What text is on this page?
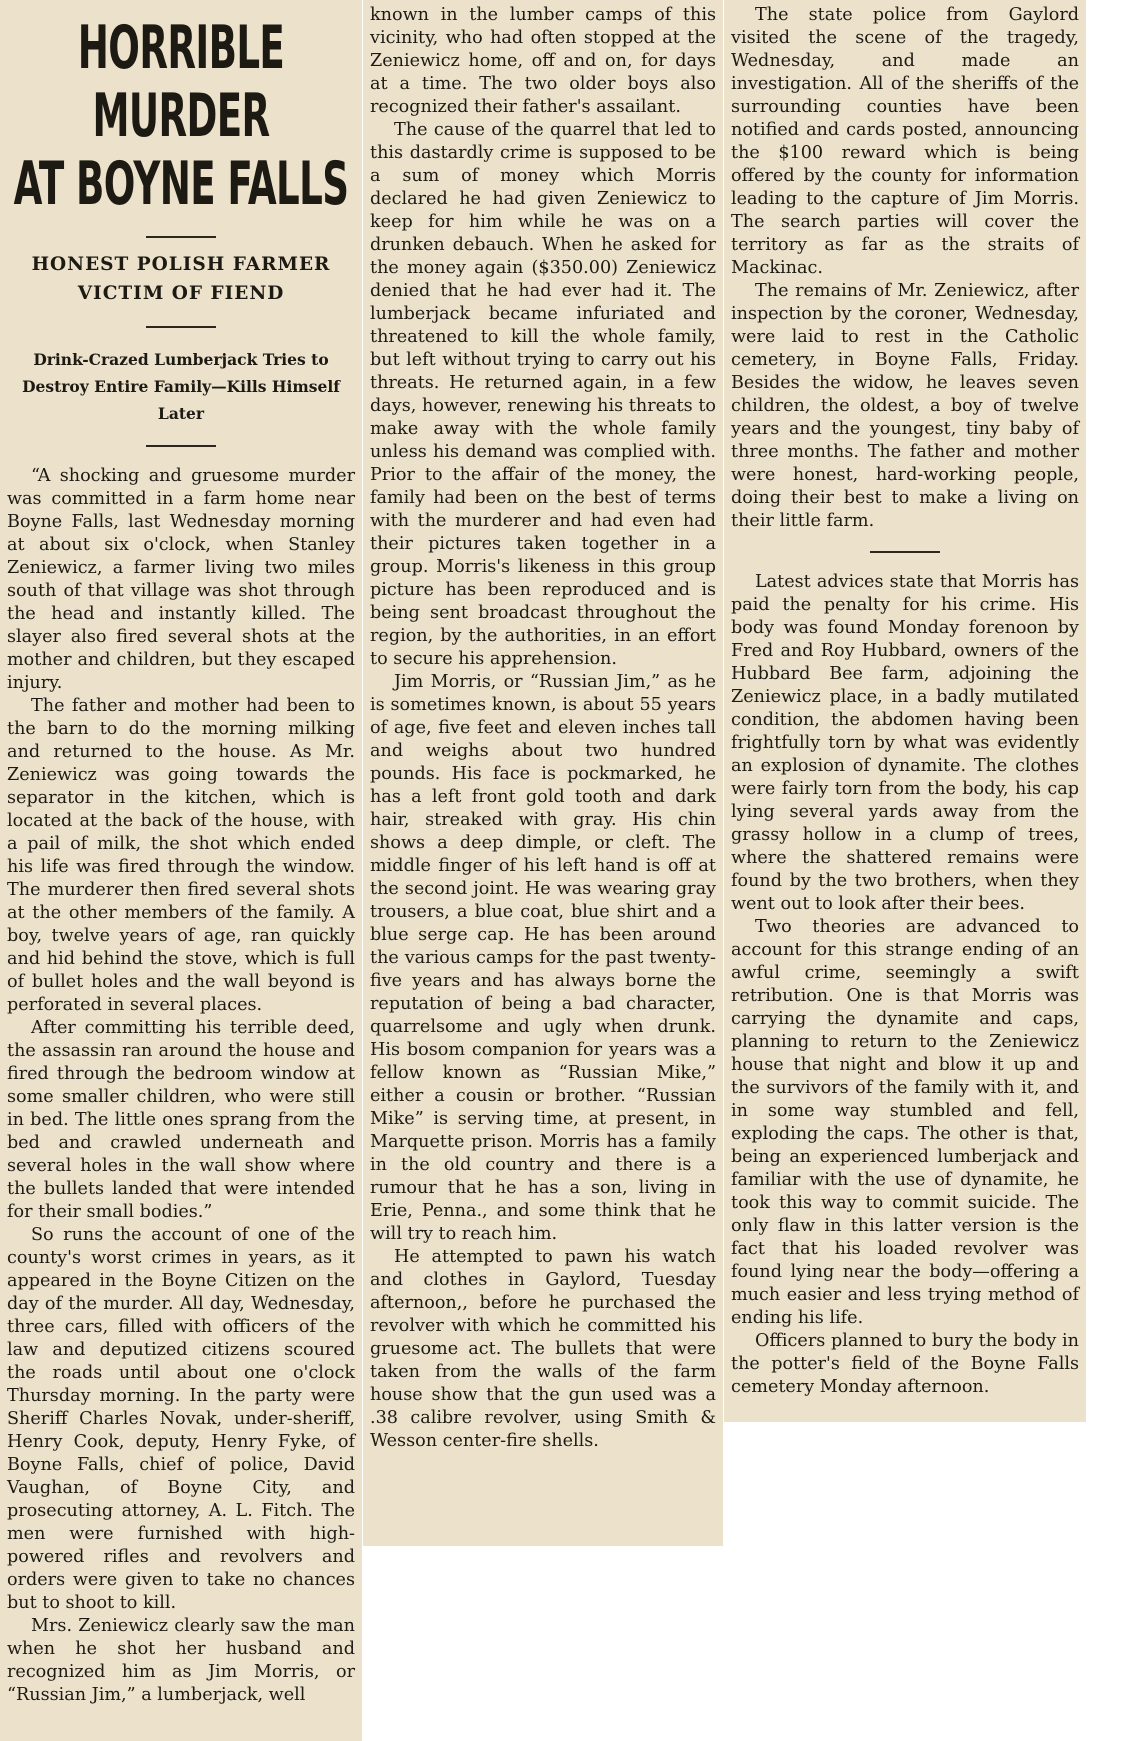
HORRIBLE MURDER
AT BOYNE FALLS
HONEST POLISH FARMER VICTIM OF FIEND
Drink-Crazed Lumberjack Tries to Destroy Entire Family—Kills Himself Later

“A shocking and gruesome murder was committed in a farm home near Boyne Falls, last Wednesday morning at about six o'clock, when Stanley Zeniewicz, a farmer living two miles south of that village was shot through the head and instantly killed. The slayer also fired several shots at the mother and children, but they escaped injury.

The father and mother had been to the barn to do the morning milking and returned to the house. As Mr. Zeniewicz was going towards the separator in the kitchen, which is located at the back of the house, with a pail of milk, the shot which ended his life was fired through the window. The murderer then fired several shots at the other members of the family. A boy, twelve years of age, ran quickly and hid behind the stove, which is full of bullet holes and the wall beyond is perforated in several places.

After committing his terrible deed, the assassin ran around the house and fired through the bedroom window at some smaller children, who were still in bed. The little ones sprang from the bed and crawled underneath and several holes in the wall show where the bullets landed that were intended for their small bodies.”

So runs the account of one of the county's worst crimes in years, as it appeared in the Boyne Citizen on the day of the murder. All day, Wednesday, three cars, filled with officers of the law and deputized citizens scoured the roads until about one o'clock Thursday morning. In the party were Sheriff Charles Novak, under-sheriff, Henry Cook, deputy, Henry Fyke, of Boyne Falls, chief of police, David Vaughan, of Boyne City, and prosecuting attorney, A. L. Fitch. The men were furnished with high-powered rifles and revolvers and orders were given to take no chances but to shoot to kill.

Mrs. Zeniewicz clearly saw the man when he shot her husband and recognized him as Jim Morris, or “Russian Jim,” a lumberjack, well

known in the lumber camps of this vicinity, who had often stopped at the Zeniewicz home, off and on, for days at a time. The two older boys also recognized their father's assailant.

The cause of the quarrel that led to this dastardly crime is supposed to be a sum of money which Morris declared he had given Zeniewicz to keep for him while he was on a drunken debauch. When he asked for the money again ($350.00) Zeniewicz denied that he had ever had it. The lumberjack became infuriated and threatened to kill the whole family, but left without trying to carry out his threats. He returned again, in a few days, however, renewing his threats to make away with the whole family unless his demand was complied with. Prior to the affair of the money, the family had been on the best of terms with the murderer and had even had their pictures taken together in a group. Morris's likeness in this group picture has been reproduced and is being sent broadcast throughout the region, by the authorities, in an effort to secure his apprehension.

Jim Morris, or “Russian Jim,” as he is sometimes known, is about 55 years of age, five feet and eleven inches tall and weighs about two hundred pounds. His face is pockmarked, he has a left front gold tooth and dark hair, streaked with gray. His chin shows a deep dimple, or cleft. The middle finger of his left hand is off at the second joint. He was wearing gray trousers, a blue coat, blue shirt and a blue serge cap. He has been around the various camps for the past twenty-five years and has always borne the reputation of being a bad character, quarrelsome and ugly when drunk. His bosom companion for years was a fellow known as “Russian Mike,” either a cousin or brother. “Russian Mike” is serving time, at present, in Marquette prison. Morris has a family in the old country and there is a rumour that he has a son, living in Erie, Penna., and some think that he will try to reach him.

He attempted to pawn his watch and clothes in Gaylord, Tuesday afternoon,, before he purchased the revolver with which he committed his gruesome act. The bullets that were taken from the walls of the farm house show that the gun used was a .38 calibre revolver, using Smith & Wesson center-fire shells.

The state police from Gaylord visited the scene of the tragedy, Wednesday, and made an investigation. All of the sheriffs of the surrounding counties have been notified and cards posted, announcing the $100 reward which is being offered by the county for information leading to the capture of Jim Morris. The search parties will cover the territory as far as the straits of Mackinac.

The remains of Mr. Zeniewicz, after inspection by the coroner, Wednesday, were laid to rest in the Catholic cemetery, in Boyne Falls, Friday. Besides the widow, he leaves seven children, the oldest, a boy of twelve years and the youngest, tiny baby of three months. The father and mother were honest, hard-working people, doing their best to make a living on their little farm.

Latest advices state that Morris has paid the penalty for his crime. His body was found Monday forenoon by Fred and Roy Hubbard, owners of the Hubbard Bee farm, adjoining the Zeniewicz place, in a badly mutilated condition, the abdomen having been frightfully torn by what was evidently an explosion of dynamite. The clothes were fairly torn from the body, his cap lying several yards away from the grassy hollow in a clump of trees, where the shattered remains were found by the two brothers, when they went out to look after their bees.

Two theories are advanced to account for this strange ending of an awful crime, seemingly a swift retribution. One is that Morris was carrying the dynamite and caps, planning to return to the Zeniewicz house that night and blow it up and the survivors of the family with it, and in some way stumbled and fell, exploding the caps. The other is that, being an experienced lumberjack and familiar with the use of dynamite, he took this way to commit suicide. The only flaw in this latter version is the fact that his loaded revolver was found lying near the body—offering a much easier and less trying method of ending his life.

Officers planned to bury the body in the potter's field of the Boyne Falls cemetery Monday afternoon.
